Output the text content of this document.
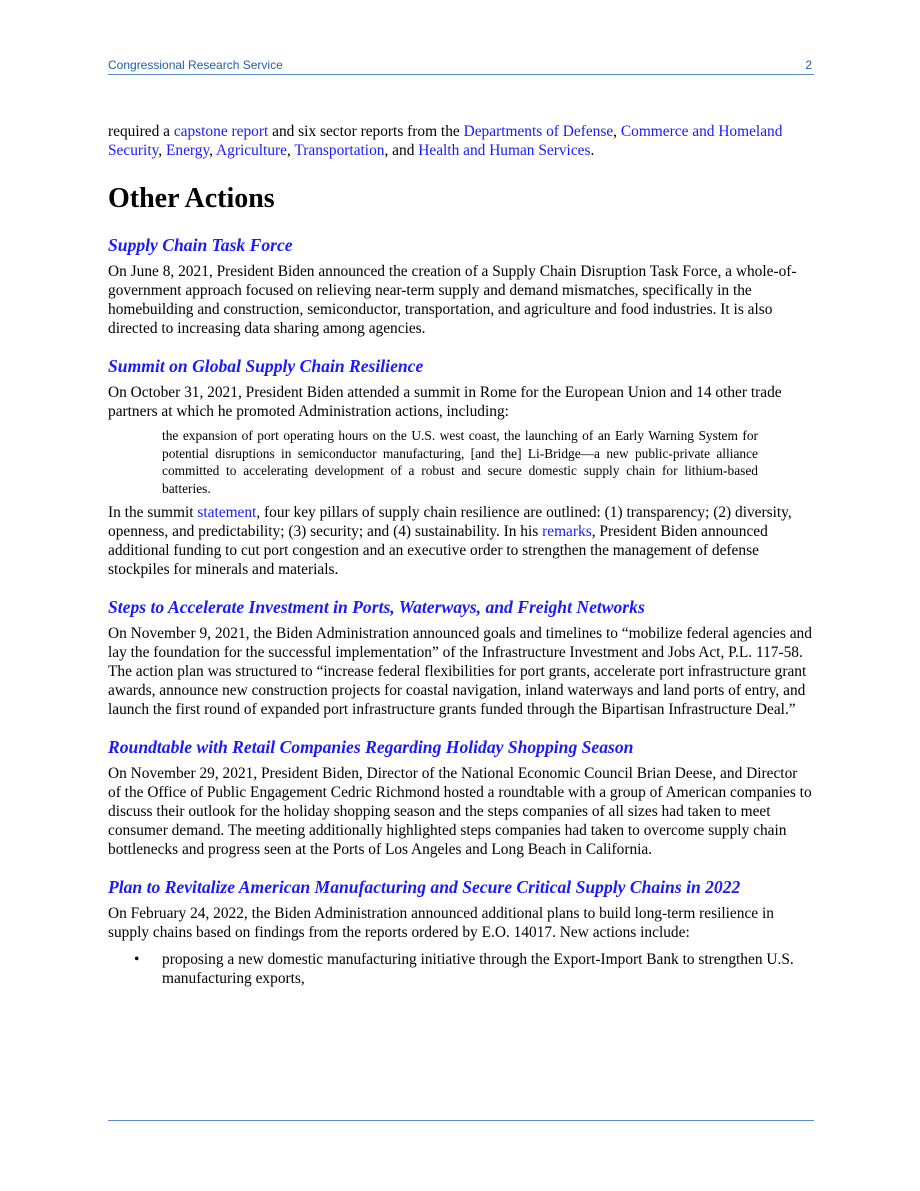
Congressional Research Service	2

required a capstone report and six sector reports from the Departments of Defense, Commerce and Homeland Security, Energy, Agriculture, Transportation, and Health and Human Services.

Other Actions
Supply Chain Task Force

On June 8, 2021, President Biden announced the creation of a Supply Chain Disruption Task Force, a whole-of-government approach focused on relieving near-term supply and demand mismatches, specifically in the homebuilding and construction, semiconductor, transportation, and agriculture and food industries. It is also directed to increasing data sharing among agencies.

Summit on Global Supply Chain Resilience

On October 31, 2021, President Biden attended a summit in Rome for the European Union and 14 other trade partners at which he promoted Administration actions, including:

the expansion of port operating hours on the U.S. west coast, the launching of an Early Warning System for potential disruptions in semiconductor manufacturing, [and the] Li-Bridge—a new public-private alliance committed to accelerating development of a robust and secure domestic supply chain for lithium-based batteries.

In the summit statement, four key pillars of supply chain resilience are outlined: (1) transparency; (2) diversity, openness, and predictability; (3) security; and (4) sustainability. In his remarks, President Biden announced additional funding to cut port congestion and an executive order to strengthen the management of defense stockpiles for minerals and materials.

Steps to Accelerate Investment in Ports, Waterways, and Freight Networks

On November 9, 2021, the Biden Administration announced goals and timelines to “mobilize federal agencies and lay the foundation for the successful implementation” of the Infrastructure Investment and Jobs Act, P.L. 117-58. The action plan was structured to “increase federal flexibilities for port grants, accelerate port infrastructure grant awards, announce new construction projects for coastal navigation, inland waterways and land ports of entry, and launch the first round of expanded port infrastructure grants funded through the Bipartisan Infrastructure Deal.”

Roundtable with Retail Companies Regarding Holiday Shopping Season

On November 29, 2021, President Biden, Director of the National Economic Council Brian Deese, and Director of the Office of Public Engagement Cedric Richmond hosted a roundtable with a group of American companies to discuss their outlook for the holiday shopping season and the steps companies of all sizes had taken to meet consumer demand. The meeting additionally highlighted steps companies had taken to overcome supply chain bottlenecks and progress seen at the Ports of Los Angeles and Long Beach in California.

Plan to Revitalize American Manufacturing and Secure Critical Supply Chains in 2022

On February 24, 2022, the Biden Administration announced additional plans to build long-term resilience in supply chains based on findings from the reports ordered by E.O. 14017. New actions include:

• proposing a new domestic manufacturing initiative through the Export-Import Bank to strengthen U.S. manufacturing exports,
